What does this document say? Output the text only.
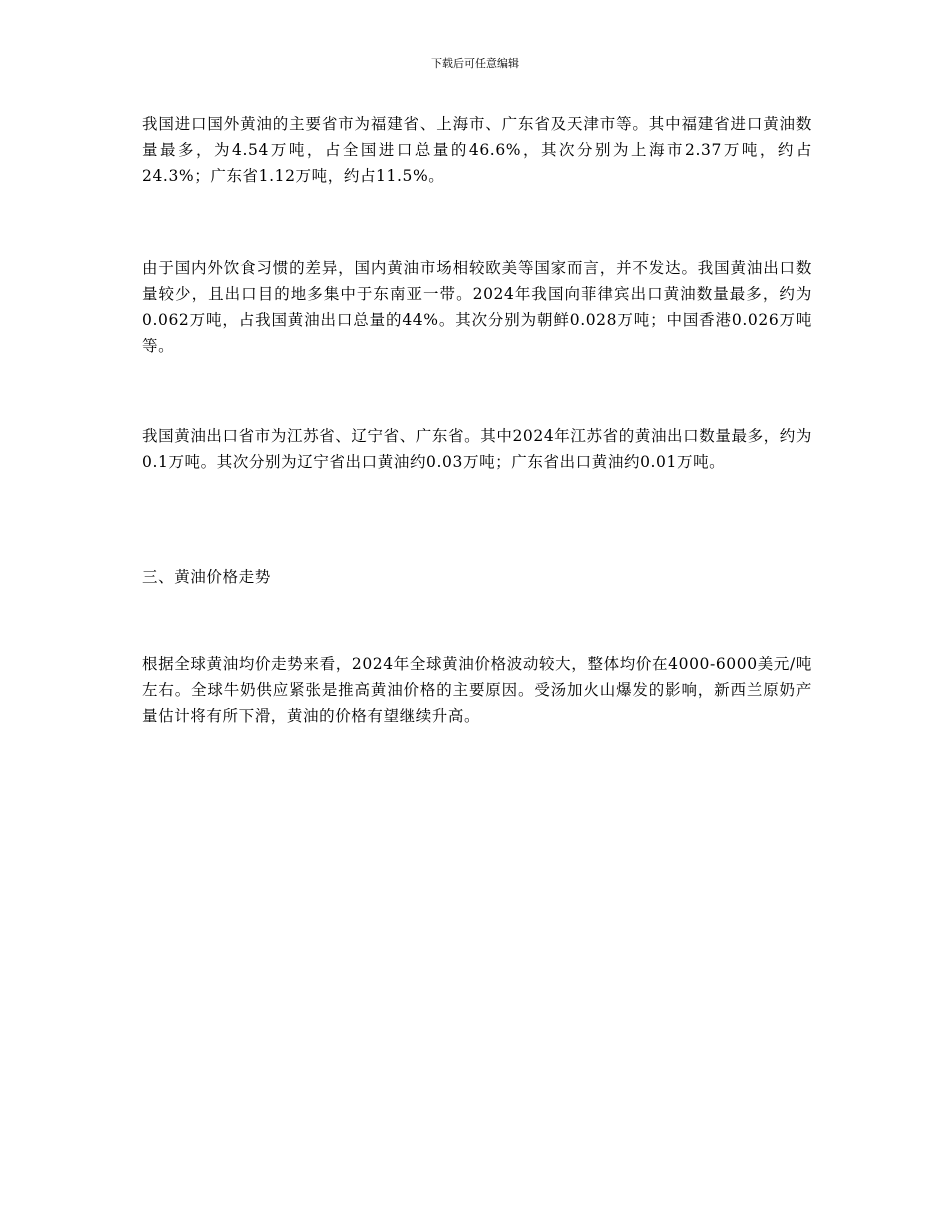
下载后可任意编辑

我国进口国外黄油的主要省市为福建省、上海市、广东省及天津市等。其中福建省进口黄油数量最多，为4.54万吨，占全国进口总量的46.6%，其次分别为上海市2.37万吨，约占24.3%；广东省1.12万吨，约占11.5%。

由于国内外饮食习惯的差异，国内黄油市场相较欧美等国家而言，并不发达。我国黄油出口数量较少，且出口目的地多集中于东南亚一带。2024年我国向菲律宾出口黄油数量最多，约为0.062万吨，占我国黄油出口总量的44%。其次分别为朝鲜0.028万吨；中国香港0.026万吨等。

我国黄油出口省市为江苏省、辽宁省、广东省。其中2024年江苏省的黄油出口数量最多，约为0.1万吨。其次分别为辽宁省出口黄油约0.03万吨；广东省出口黄油约0.01万吨。

三、黄油价格走势

根据全球黄油均价走势来看，2024年全球黄油价格波动较大，整体均价在4000-6000美元/吨左右。全球牛奶供应紧张是推高黄油价格的主要原因。受汤加火山爆发的影响，新西兰原奶产量估计将有所下滑，黄油的价格有望继续升高。
